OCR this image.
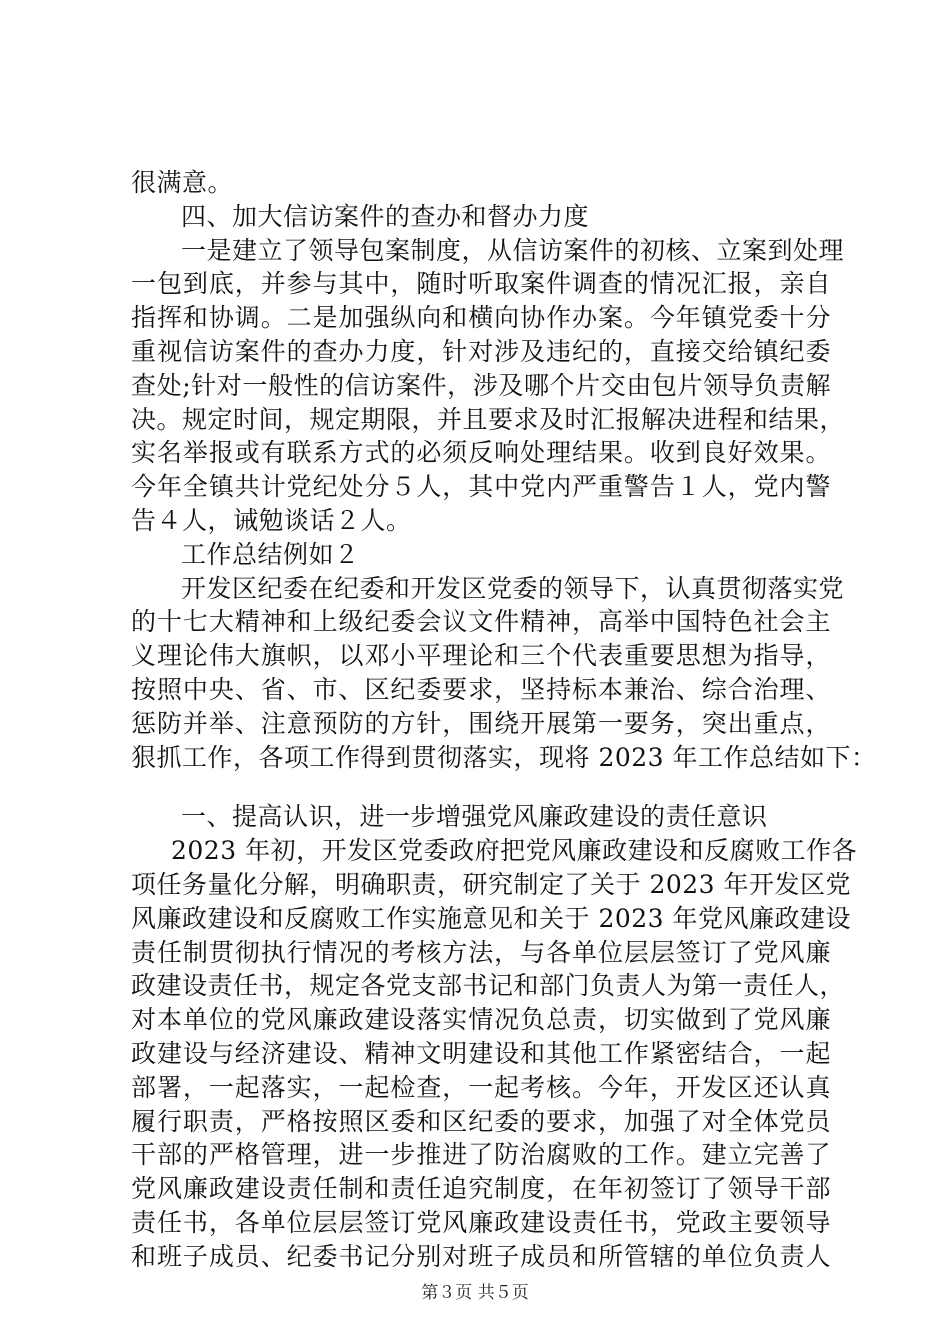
很满意。
四、加大信访案件的查办和督办力度
一是建立了领导包案制度，从信访案件的初核、立案到处理
一包到底，并参与其中，随时听取案件调查的情况汇报，亲自
指挥和协调。二是加强纵向和横向协作办案。今年镇党委十分
重视信访案件的查办力度，针对涉及违纪的，直接交给镇纪委
查处;针对一般性的信访案件，涉及哪个片交由包片领导负责解
决。规定时间，规定期限，并且要求及时汇报解决进程和结果，
实名举报或有联系方式的必须反响处理结果。收到良好效果。
今年全镇共计党纪处分５人，其中党内严重警告１人，党内警
告４人，诫勉谈话２人。
工作总结例如２
开发区纪委在纪委和开发区党委的领导下，认真贯彻落实党
的十七大精神和上级纪委会议文件精神，高举中国特色社会主
义理论伟大旗帜，以邓小平理论和三个代表重要思想为指导，
按照中央、省、市、区纪委要求，坚持标本兼治、综合治理、
惩防并举、注意预防的方针，围绕开展第一要务，突出重点，
狠抓工作，各项工作得到贯彻落实，现将 2023 年工作总结如下：
一、提高认识，进一步增强党风廉政建设的责任意识
2023 年初，开发区党委政府把党风廉政建设和反腐败工作各
项任务量化分解，明确职责，研究制定了关于 2023 年开发区党
风廉政建设和反腐败工作实施意见和关于 2023 年党风廉政建设
责任制贯彻执行情况的考核方法，与各单位层层签订了党风廉
政建设责任书，规定各党支部书记和部门负责人为第一责任人，
对本单位的党风廉政建设落实情况负总责，切实做到了党风廉
政建设与经济建设、精神文明建设和其他工作紧密结合，一起
部署，一起落实，一起检查，一起考核。今年，开发区还认真
履行职责，严格按照区委和区纪委的要求，加强了对全体党员
干部的严格管理，进一步推进了防治腐败的工作。建立完善了
党风廉政建设责任制和责任追究制度，在年初签订了领导干部
责任书，各单位层层签订党风廉政建设责任书，党政主要领导
和班子成员、纪委书记分别对班子成员和所管辖的单位负责人
第３页 共５页
